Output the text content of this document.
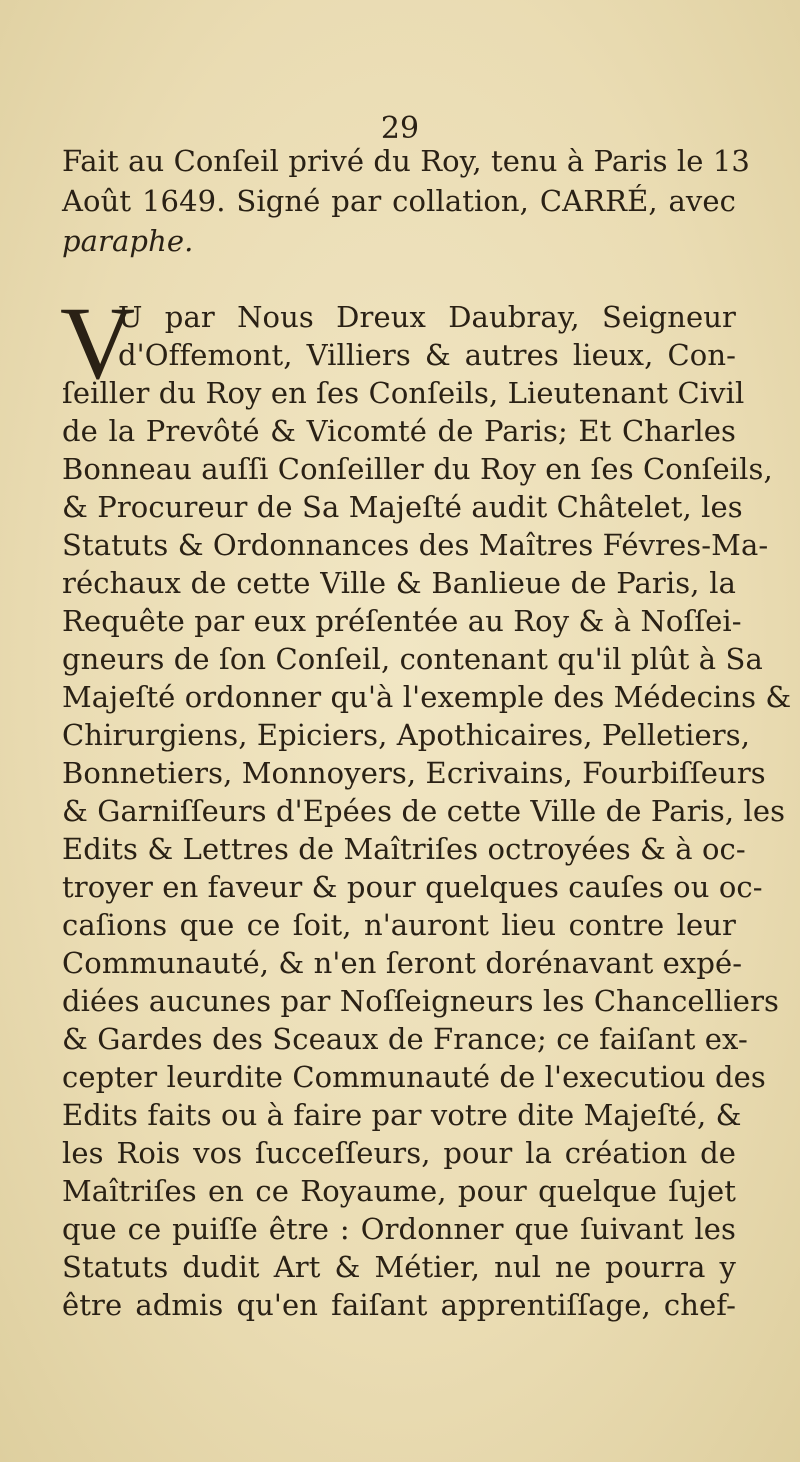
29
Fait au Conſeil privé du Roy, tenu à Paris le 13
Août 1649. Signé par collation, CARRÉ, avec
paraphe.
V
U par Nous Dreux Daubray, Seigneur
d'Offemont, Villiers & autres lieux, Con-
ſeiller du Roy en ſes Conſeils, Lieutenant Civil
de la Prevôté & Vicomté de Paris; Et Charles
Bonneau auſſi Conſeiller du Roy en ſes Conſeils,
& Procureur de Sa Majeſté audit Châtelet, les
Statuts & Ordonnances des Maîtres Févres-Ma-
réchaux de cette Ville & Banlieue de Paris, la
Requête par eux préſentée au Roy & à Noſſei-
gneurs de ſon Conſeil, contenant qu'il plût à Sa
Majeſté ordonner qu'à l'exemple des Médecins &
Chirurgiens, Epiciers, Apothicaires, Pelletiers,
Bonnetiers, Monnoyers, Ecrivains, Fourbiſſeurs
& Garniſſeurs d'Epées de cette Ville de Paris, les
Edits & Lettres de Maîtriſes octroyées & à oc-
troyer en faveur & pour quelques cauſes ou oc-
caſions que ce ſoit, n'auront lieu contre leur
Communauté, & n'en ſeront dorénavant expé-
diées aucunes par Noſſeigneurs les Chancelliers
& Gardes des Sceaux de France; ce faiſant ex-
cepter leurdite Communauté de l'executiou des
Edits faits ou à faire par votre dite Majeſté, &
les Rois vos ſucceſſeurs, pour la création de
Maîtriſes en ce Royaume, pour quelque ſujet
que ce puiſſe être : Ordonner que ſuivant les
Statuts dudit Art & Métier, nul ne pourra y
être admis qu'en faiſant apprentiſſage, chef-
